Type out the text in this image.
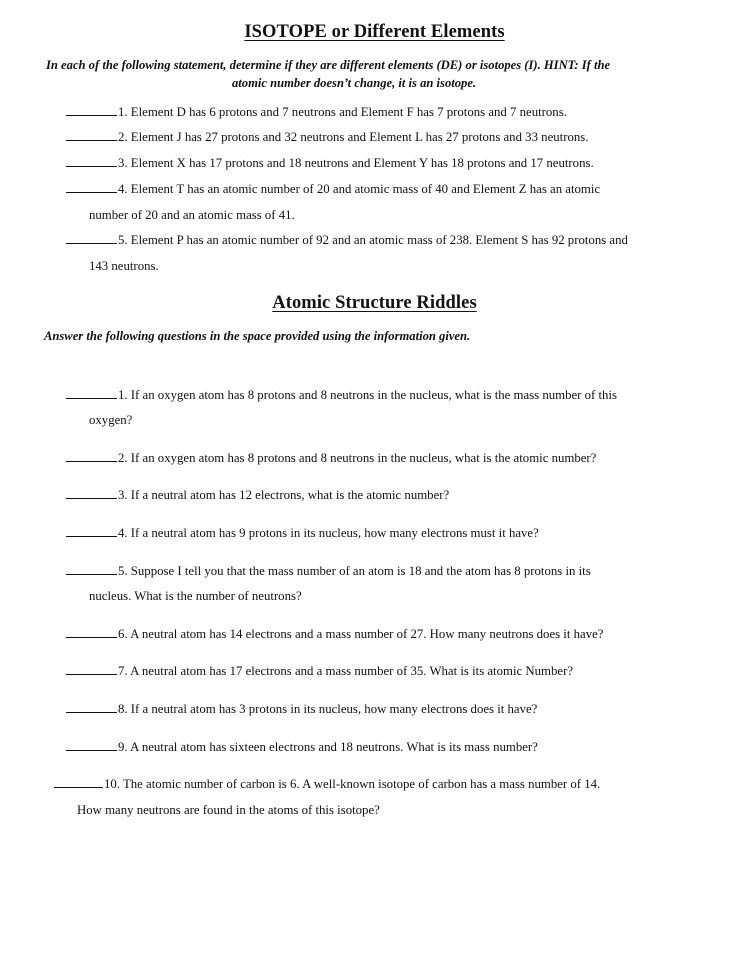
ISOTOPE or Different Elements
In each of the following statement, determine if they are different elements (DE) or isotopes (I). HINT: If the
atomic number doesn’t change, it is an isotope.
1. Element D has 6 protons and 7 neutrons and Element F has 7 protons and 7 neutrons.
2. Element J has 27 protons and 32 neutrons and Element L has 27 protons and 33 neutrons.
3. Element X has 17 protons and 18 neutrons and Element Y has 18 protons and 17 neutrons.
4. Element T has an atomic number of 20 and atomic mass of 40 and Element Z has an atomic
number of 20 and an atomic mass of 41.
5. Element P has an atomic number of 92 and an atomic mass of 238. Element S has 92 protons and
143 neutrons.
Atomic Structure Riddles
Answer the following questions in the space provided using the information given.
1. If an oxygen atom has 8 protons and 8 neutrons in the nucleus, what is the mass number of this
oxygen?
2. If an oxygen atom has 8 protons and 8 neutrons in the nucleus, what is the atomic number?
3. If a neutral atom has 12 electrons, what is the atomic number?
4. If a neutral atom has 9 protons in its nucleus, how many electrons must it have?
5. Suppose I tell you that the mass number of an atom is 18 and the atom has 8 protons in its
nucleus. What is the number of neutrons?
6. A neutral atom has 14 electrons and a mass number of 27. How many neutrons does it have?
7. A neutral atom has 17 electrons and a mass number of 35. What is its atomic Number?
8. If a neutral atom has 3 protons in its nucleus, how many electrons does it have?
9. A neutral atom has sixteen electrons and 18 neutrons. What is its mass number?
10. The atomic number of carbon is 6. A well-known isotope of carbon has a mass number of 14.
How many neutrons are found in the atoms of this isotope?
